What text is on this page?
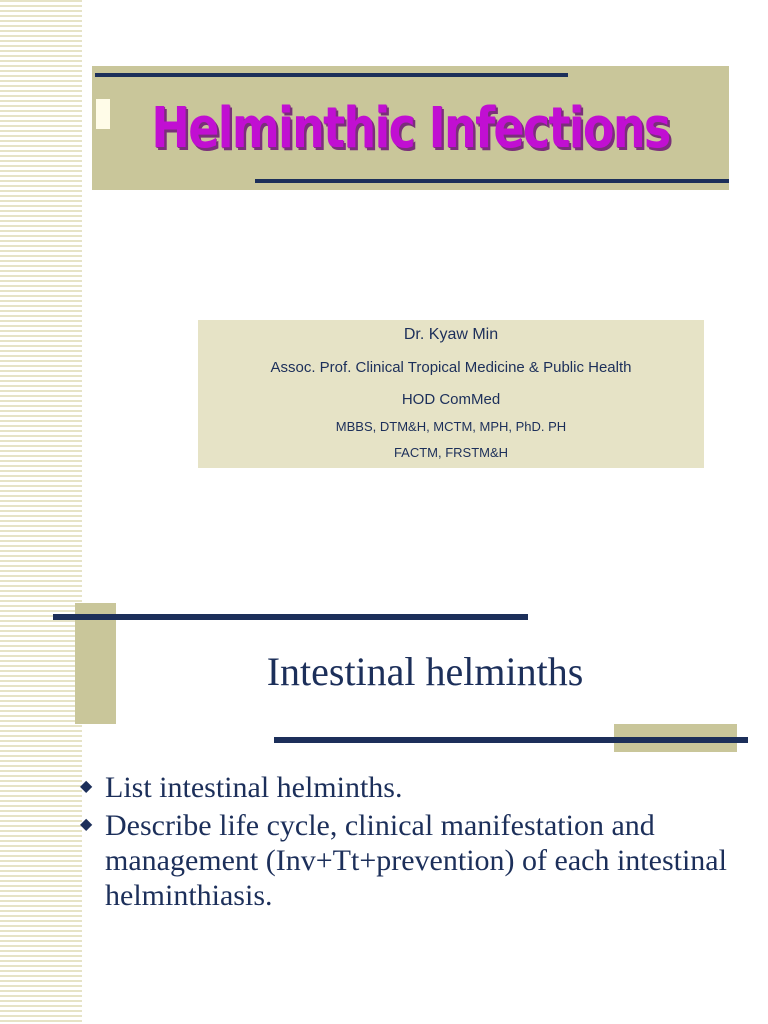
Helminthic Infections
Dr. Kyaw Min
Assoc. Prof. Clinical Tropical Medicine & Public Health
HOD ComMed
MBBS, DTM&H, MCTM, MPH, PhD. PH
FACTM, FRSTM&H
Intestinal helminths
◆ List intestinal helminths.
◆ Describe life cycle, clinical manifestation and management (Inv+Tt+prevention) of each intestinal helminthiasis.
